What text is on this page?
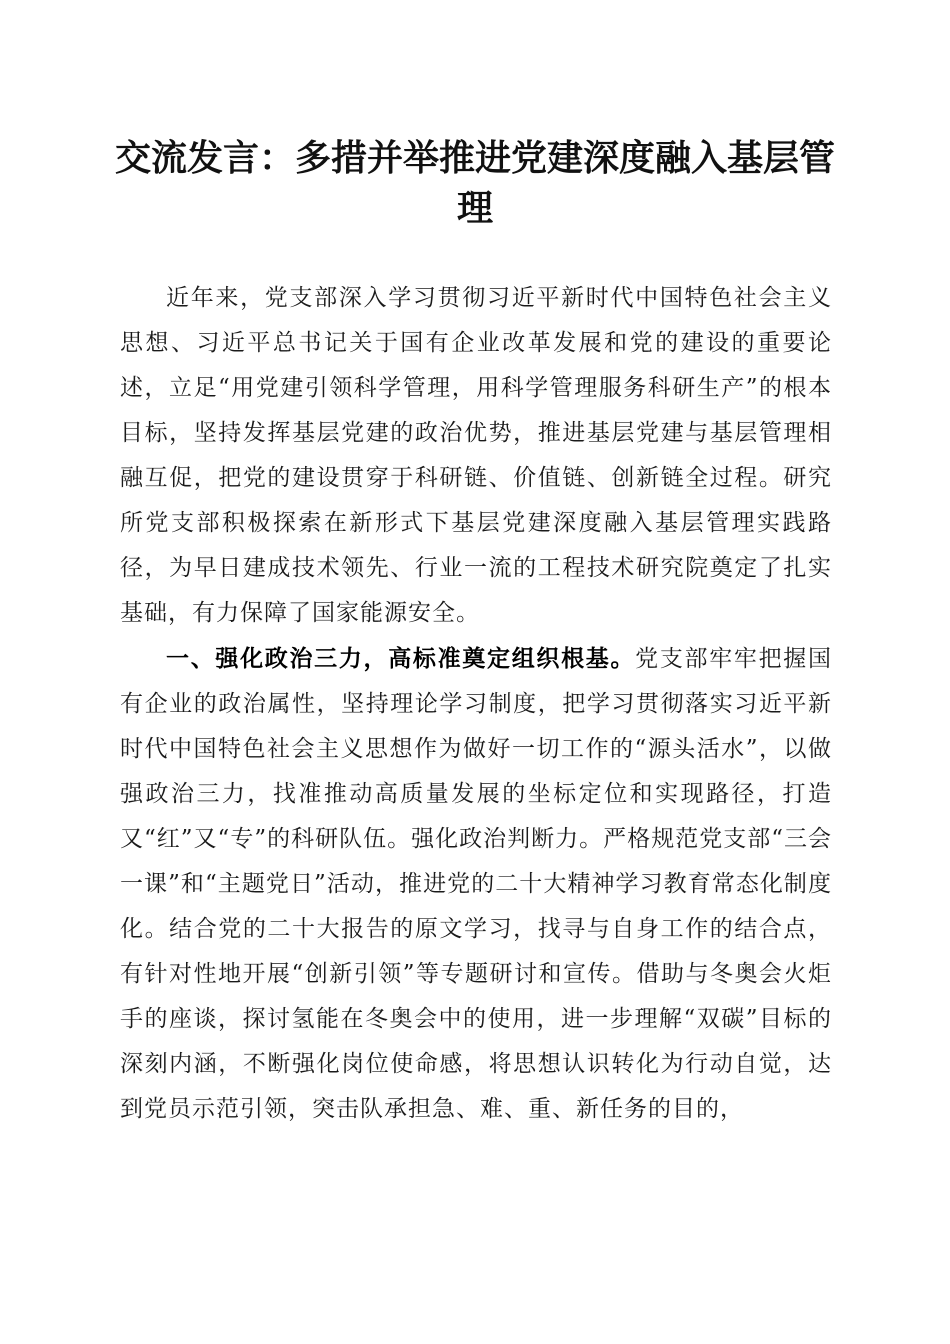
交流发言：多措并举推进党建深度融入基层管理

近年来，党支部深入学习贯彻习近平新时代中国特色社会主义思想、习近平总书记关于国有企业改革发展和党的建设的重要论述，立足“用党建引领科学管理，用科学管理服务科研生产”的根本目标，坚持发挥基层党建的政治优势，推进基层党建与基层管理相融互促，把党的建设贯穿于科研链、价值链、创新链全过程。研究所党支部积极探索在新形式下基层党建深度融入基层管理实践路径，为早日建成技术领先、行业一流的工程技术研究院奠定了扎实基础，有力保障了国家能源安全。

一、强化政治三力，高标准奠定组织根基。党支部牢牢把握国有企业的政治属性，坚持理论学习制度，把学习贯彻落实习近平新时代中国特色社会主义思想作为做好一切工作的“源头活水”，以做强政治三力，找准推动高质量发展的坐标定位和实现路径，打造又“红”又“专”的科研队伍。强化政治判断力。严格规范党支部“三会一课”和“主题党日”活动，推进党的二十大精神学习教育常态化制度化。结合党的二十大报告的原文学习，找寻与自身工作的结合点，有针对性地开展“创新引领”等专题研讨和宣传。借助与冬奥会火炬手的座谈，探讨氢能在冬奥会中的使用，进一步理解“双碳”目标的深刻内涵，不断强化岗位使命感，将思想认识转化为行动自觉，达到党员示范引领，突击队承担急、难、重、新任务的目的，
